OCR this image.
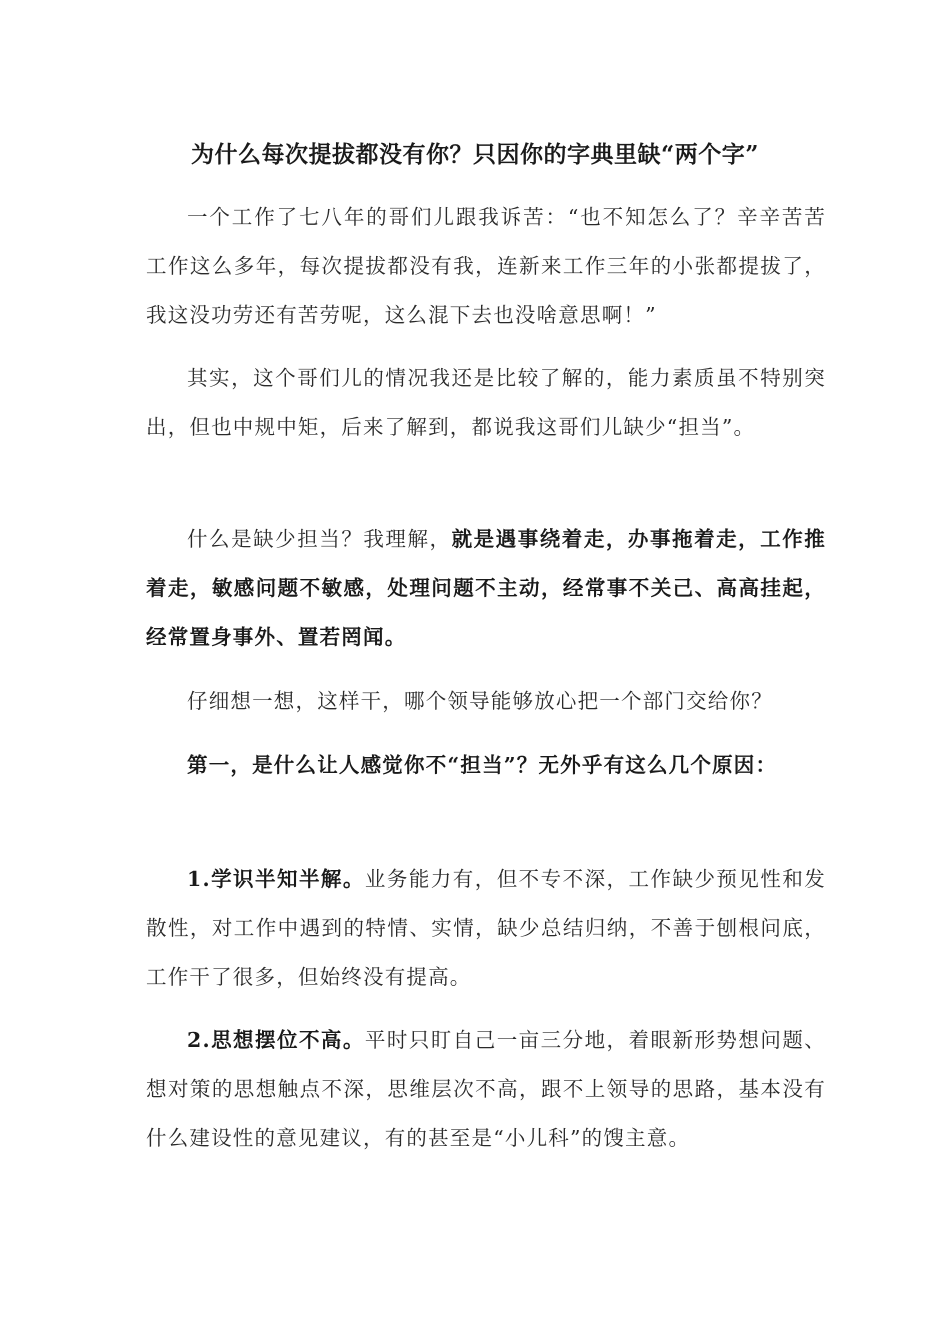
为什么每次提拔都没有你？只因你的字典里缺“两个字”
一个工作了七八年的哥们儿跟我诉苦：“也不知怎么了？辛辛苦苦工作这么多年，每次提拔都没有我，连新来工作三年的小张都提拔了，我这没功劳还有苦劳呢，这么混下去也没啥意思啊！”
其实，这个哥们儿的情况我还是比较了解的，能力素质虽不特别突出，但也中规中矩，后来了解到，都说我这哥们儿缺少“担当”。
什么是缺少担当？我理解，就是遇事绕着走，办事拖着走，工作推着走，敏感问题不敏感，处理问题不主动，经常事不关己、高高挂起，经常置身事外、置若罔闻。
仔细想一想，这样干，哪个领导能够放心把一个部门交给你？
第一，是什么让人感觉你不“担当”？无外乎有这么几个原因：
1.学识半知半解。业务能力有，但不专不深，工作缺少预见性和发散性，对工作中遇到的特情、实情，缺少总结归纳，不善于刨根问底，工作干了很多，但始终没有提高。
2.思想摆位不高。平时只盯自己一亩三分地，着眼新形势想问题、想对策的思想触点不深，思维层次不高，跟不上领导的思路，基本没有什么建设性的意见建议，有的甚至是“小儿科”的馊主意。
